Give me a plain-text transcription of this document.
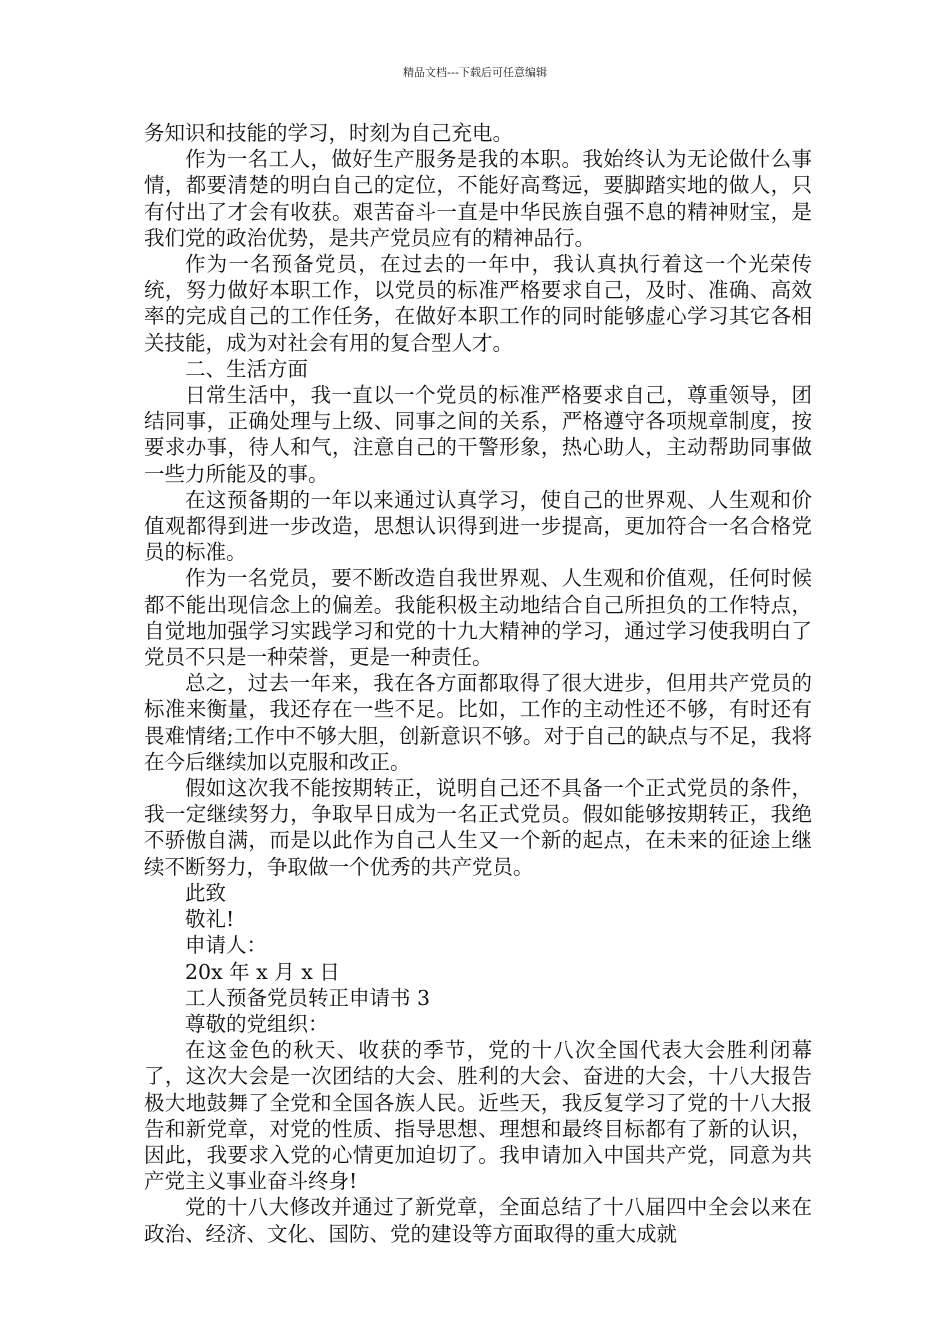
精品文档---下载后可任意编辑

务知识和技能的学习，时刻为自己充电。

作为一名工人，做好生产服务是我的本职。我始终认为无论做什么事情，都要清楚的明白自己的定位，不能好高骛远，要脚踏实地的做人，只有付出了才会有收获。艰苦奋斗一直是中华民族自强不息的精神财宝，是我们党的政治优势，是共产党员应有的精神品行。

作为一名预备党员，在过去的一年中，我认真执行着这一个光荣传统，努力做好本职工作，以党员的标准严格要求自己，及时、准确、高效率的完成自己的工作任务，在做好本职工作的同时能够虚心学习其它各相关技能，成为对社会有用的复合型人才。

二、生活方面

日常生活中，我一直以一个党员的标准严格要求自己，尊重领导，团结同事，正确处理与上级、同事之间的关系，严格遵守各项规章制度，按要求办事，待人和气，注意自己的干警形象，热心助人，主动帮助同事做一些力所能及的事。

在这预备期的一年以来通过认真学习，使自己的世界观、人生观和价值观都得到进一步改造，思想认识得到进一步提高，更加符合一名合格党员的标准。

作为一名党员，要不断改造自我世界观、人生观和价值观，任何时候都不能出现信念上的偏差。我能积极主动地结合自己所担负的工作特点，自觉地加强学习实践学习和党的十九大精神的学习，通过学习使我明白了党员不只是一种荣誉，更是一种责任。

总之，过去一年来，我在各方面都取得了很大进步，但用共产党员的标准来衡量，我还存在一些不足。比如，工作的主动性还不够，有时还有畏难情绪;工作中不够大胆，创新意识不够。对于自己的缺点与不足，我将在今后继续加以克服和改正。

假如这次我不能按期转正，说明自己还不具备一个正式党员的条件，我一定继续努力，争取早日成为一名正式党员。假如能够按期转正，我绝不骄傲自满，而是以此作为自己人生又一个新的起点，在未来的征途上继续不断努力，争取做一个优秀的共产党员。

此致

敬礼!

申请人：

20x 年 x 月 x 日

工人预备党员转正申请书 3

尊敬的党组织：

在这金色的秋天、收获的季节，党的十八次全国代表大会胜利闭幕了，这次大会是一次团结的大会、胜利的大会、奋进的大会，十八大报告极大地鼓舞了全党和全国各族人民。近些天，我反复学习了党的十八大报告和新党章，对党的性质、指导思想、理想和最终目标都有了新的认识，因此，我要求入党的心情更加迫切了。我申请加入中国共产党，同意为共产党主义事业奋斗终身!

党的十八大修改并通过了新党章，全面总结了十八届四中全会以来在政治、经济、文化、国防、党的建设等方面取得的重大成就
